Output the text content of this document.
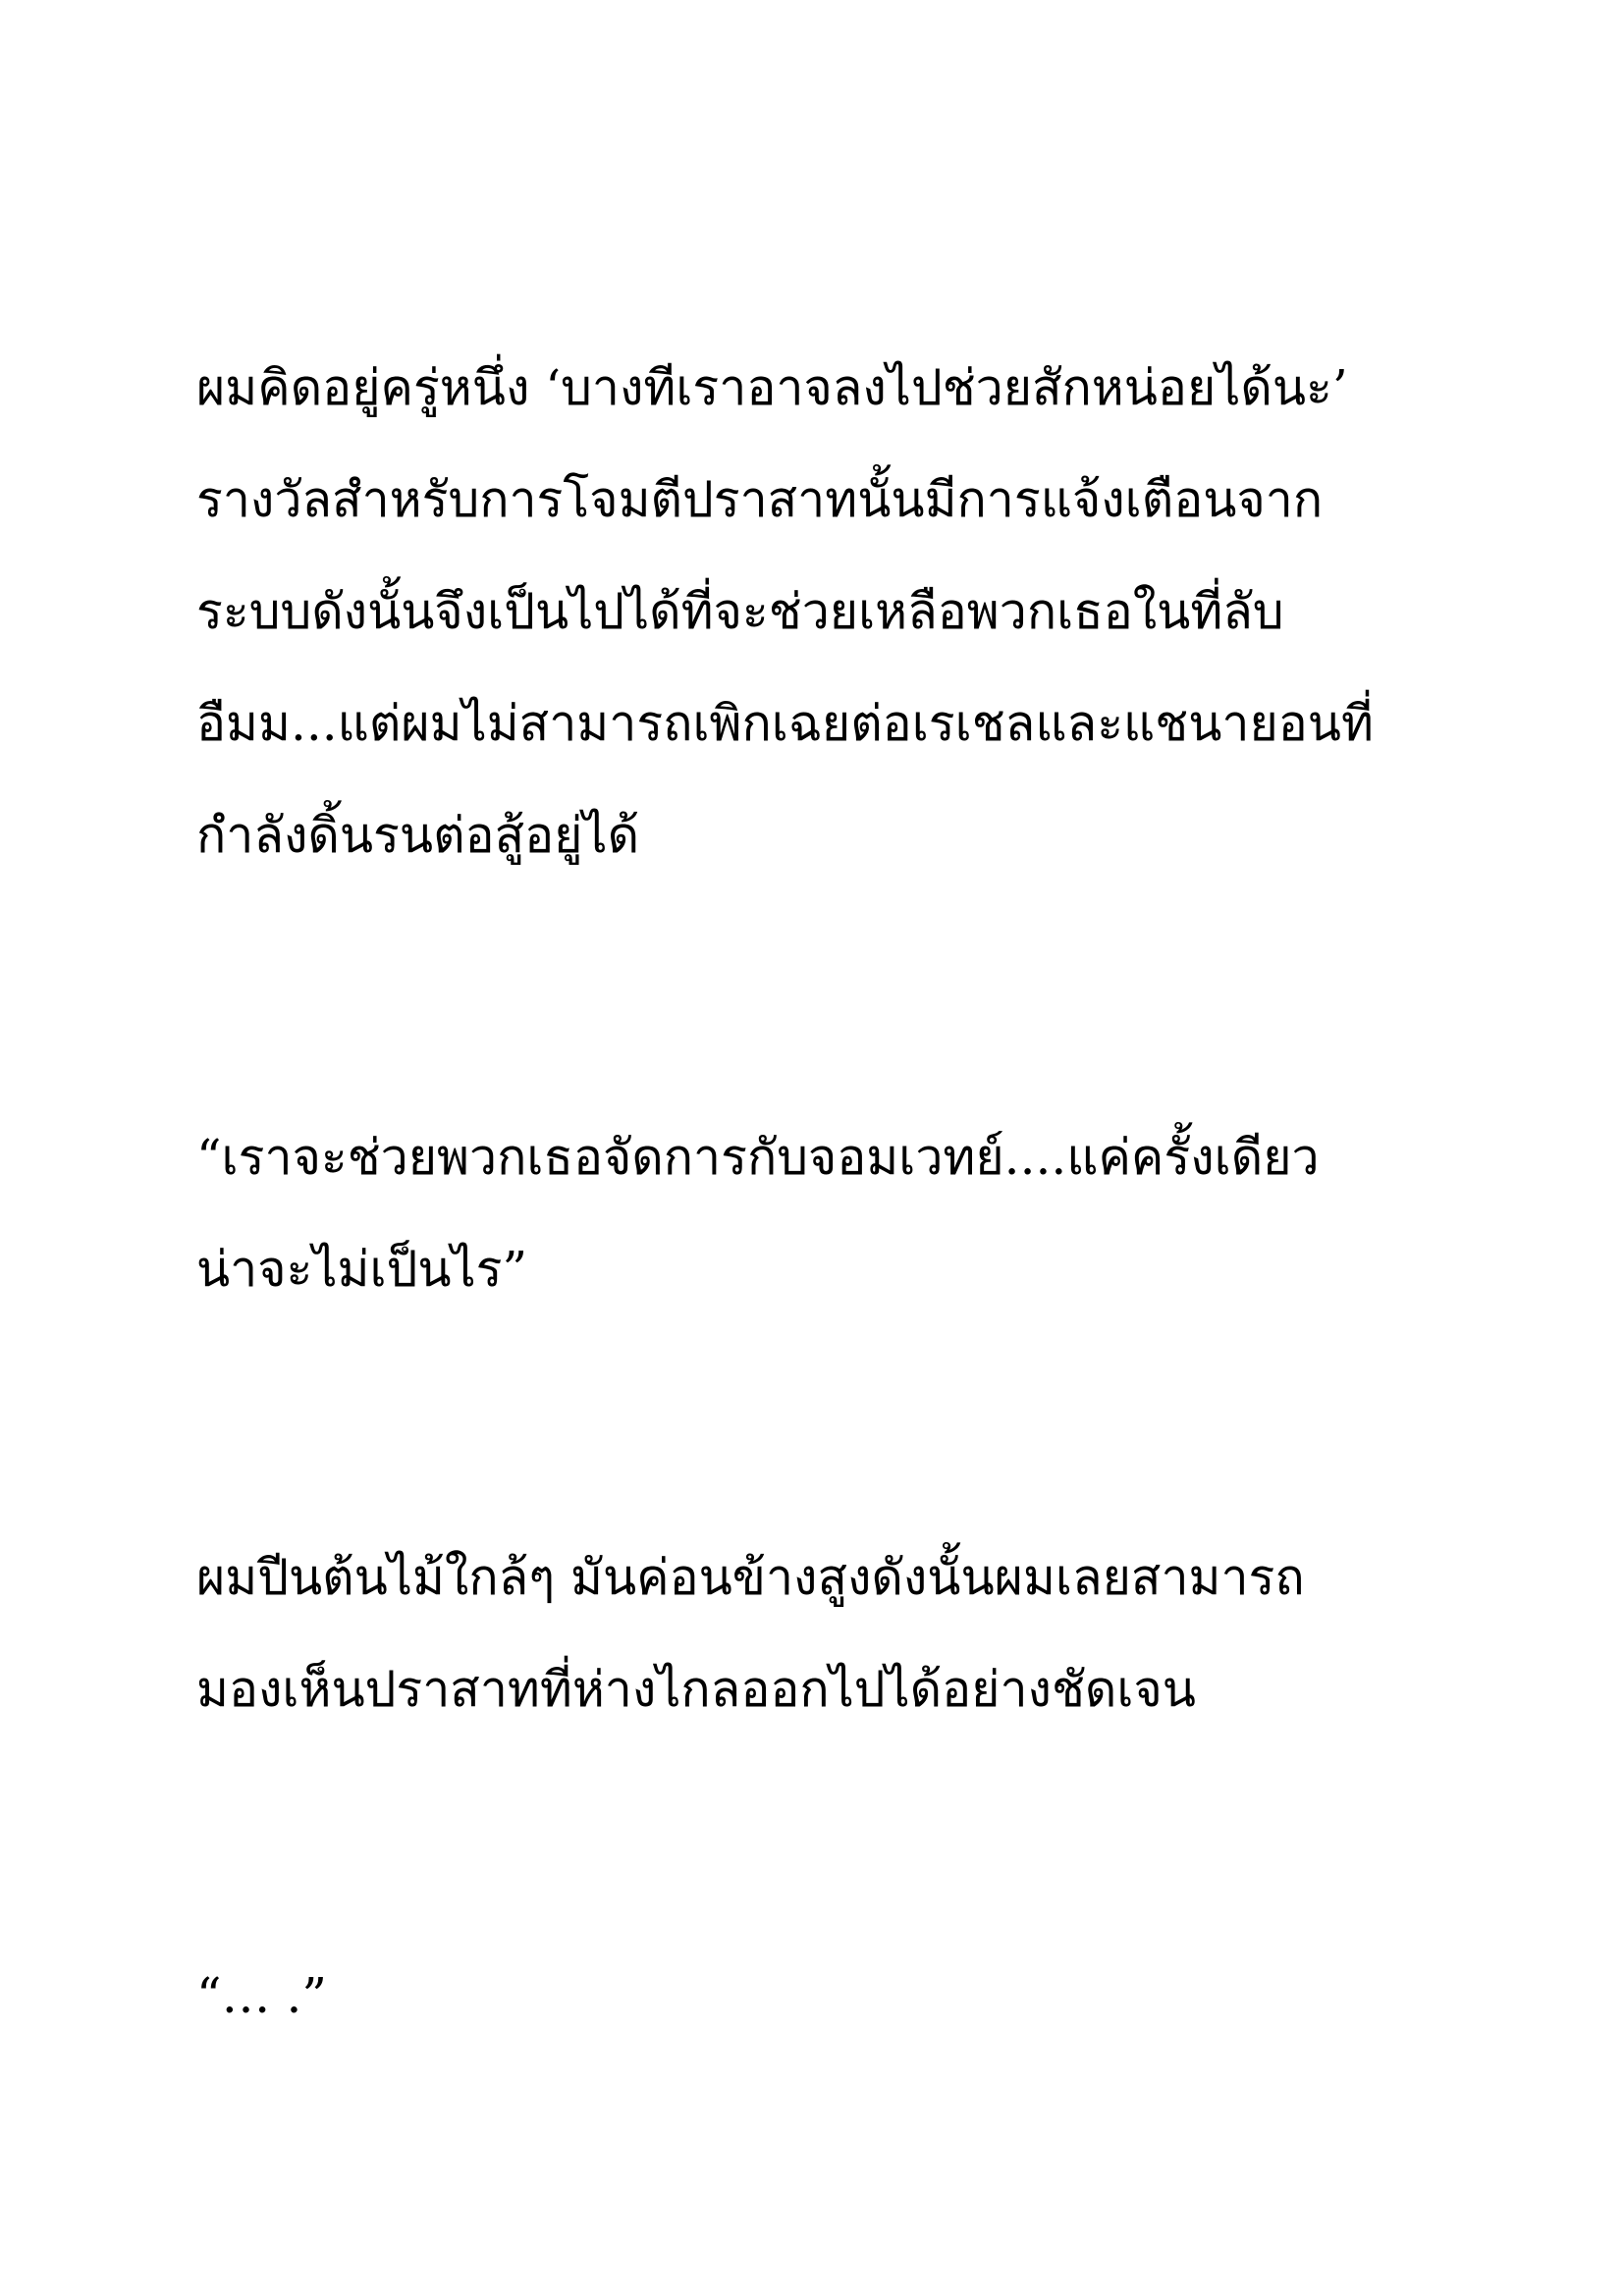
ผมคิดอยู่ครู่หนึ่ง ‘บางทีเราอาจลงไปช่วยสักหน่อยได้นะ’
รางวัลสำหรับการโจมตีปราสาทนั้นมีการแจ้งเตือนจาก
ระบบดังนั้นจึงเป็นไปได้ที่จะช่วยเหลือพวกเธอในที่ลับ
อืมม...แต่ผมไม่สามารถเพิกเฉยต่อเรเชลและแชนายอนที่
กำลังดิ้นรนต่อสู้อยู่ได้
“เราจะช่วยพวกเธอจัดการกับจอมเวทย์....แค่ครั้งเดียว
น่าจะไม่เป็นไร”
ผมปีนต้นไม้ใกล้ๆ มันค่อนข้างสูงดังนั้นผมเลยสามารถ
มองเห็นปราสาทที่ห่างไกลออกไปได้อย่างชัดเจน
“… .”
